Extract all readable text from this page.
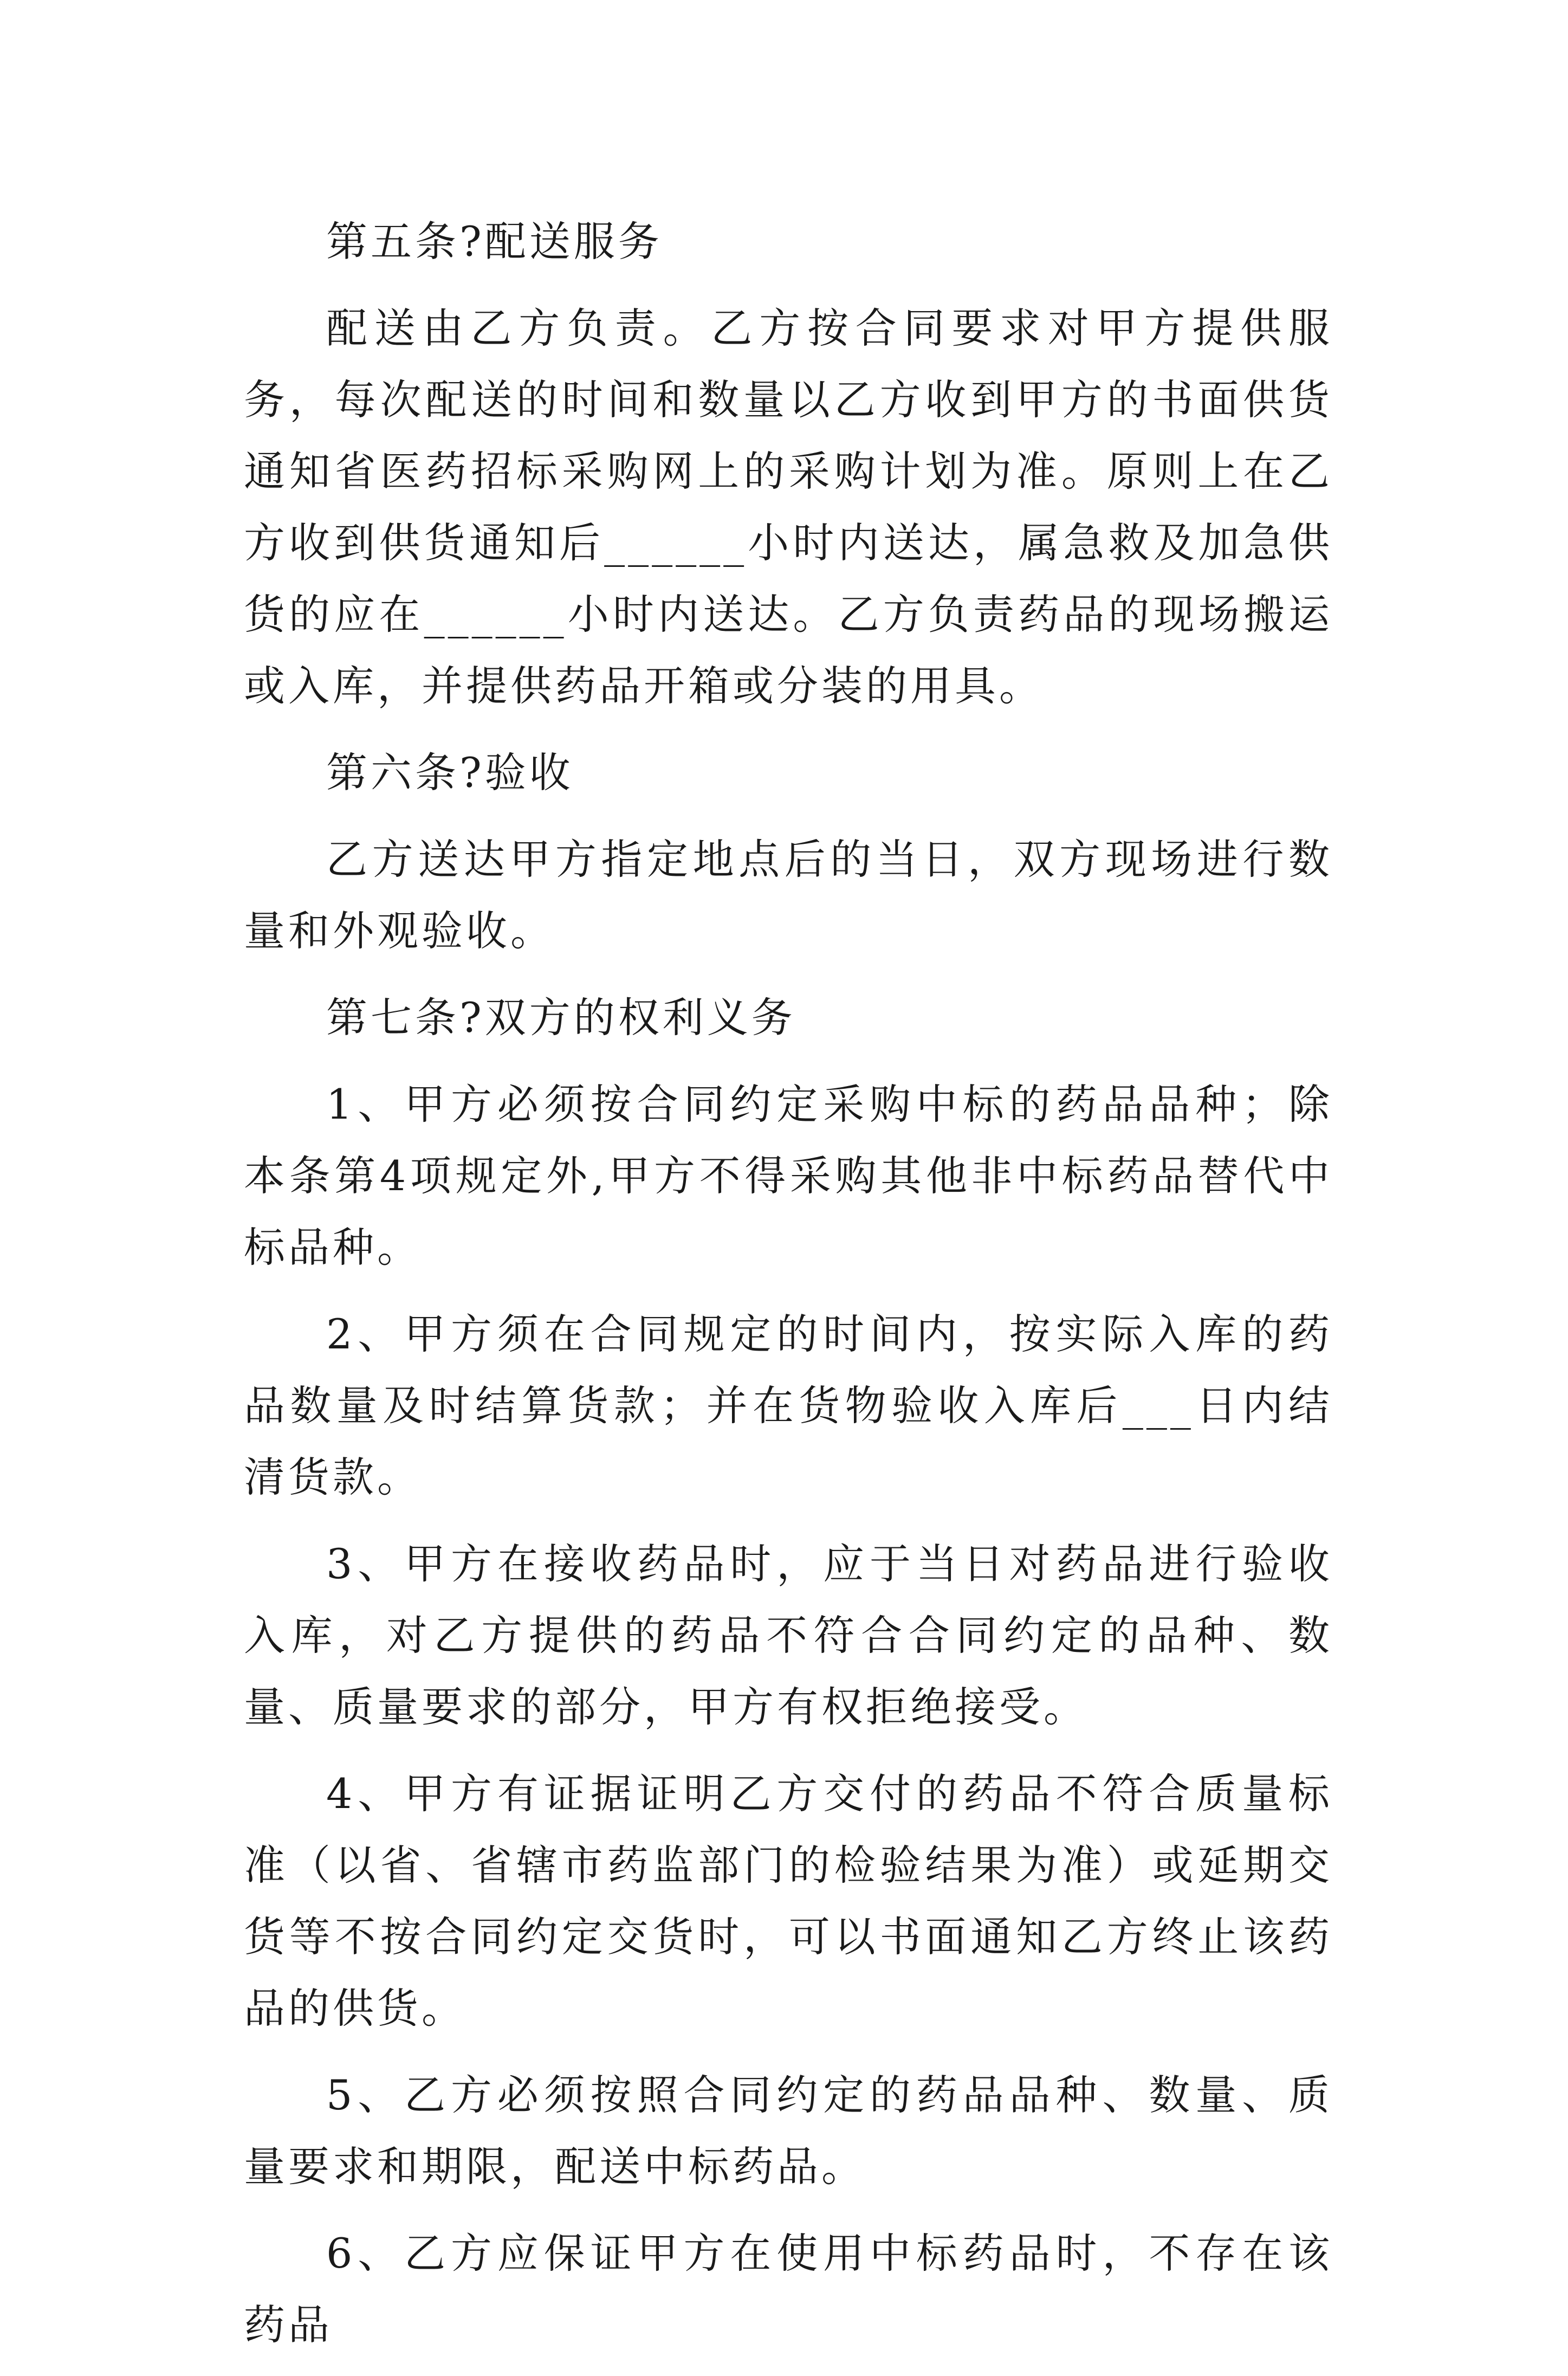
第五条?配送服务

配送由乙方负责。乙方按合同要求对甲方提供服务，每次配送的时间和数量以乙方收到甲方的书面供货通知省医药招标采购网上的采购计划为准。原则上在乙方收到供货通知后______小时内送达，属急救及加急供货的应在______小时内送达。乙方负责药品的现场搬运或入库，并提供药品开箱或分装的用具。

第六条?验收

乙方送达甲方指定地点后的当日，双方现场进行数量和外观验收。

第七条?双方的权利义务

1、甲方必须按合同约定采购中标的药品品种；除本条第4项规定外,甲方不得采购其他非中标药品替代中标品种。

2、甲方须在合同规定的时间内，按实际入库的药品数量及时结算货款；并在货物验收入库后___日内结清货款。

3、甲方在接收药品时，应于当日对药品进行验收入库，对乙方提供的药品不符合合同约定的品种、数量、质量要求的部分，甲方有权拒绝接受。

4、甲方有证据证明乙方交付的药品不符合质量标准（以省、省辖市药监部门的检验结果为准）或延期交货等不按合同约定交货时，可以书面通知乙方终止该药品的供货。

5、乙方必须按照合同约定的药品品种、数量、质量要求和期限，配送中标药品。

6、乙方应保证甲方在使用中标药品时，不存在该药品
